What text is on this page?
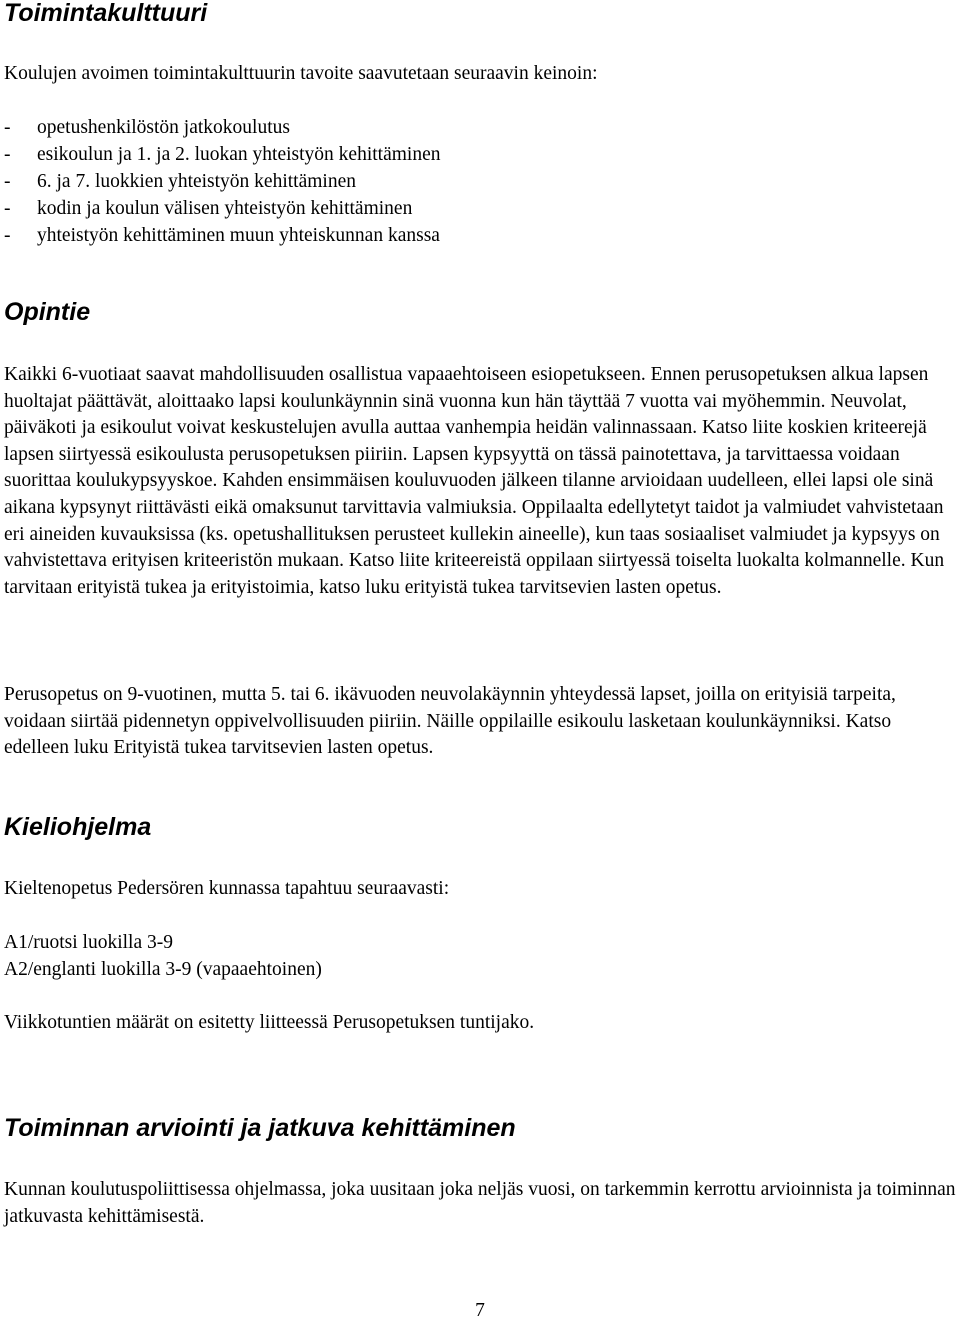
Toimintakulttuuri

Koulujen avoimen toimintakulttuurin tavoite saavutetaan seuraavin keinoin:

-	opetushenkilöstön jatkokoulutus
-	esikoulun ja 1. ja 2. luokan yhteistyön kehittäminen
-	6. ja 7. luokkien yhteistyön kehittäminen
-	kodin ja koulun välisen yhteistyön kehittäminen
-	yhteistyön kehittäminen muun yhteiskunnan kanssa
Opintie

Kaikki 6-vuotiaat saavat mahdollisuuden osallistua vapaaehtoiseen esiopetukseen. Ennen perusopetuksen alkua lapsen huoltajat päättävät, aloittaako lapsi koulunkäynnin sinä vuonna kun hän täyttää 7 vuotta vai myöhemmin. Neuvolat, päiväkoti ja esikoulut voivat keskustelujen avulla auttaa vanhempia heidän valinnassaan. Katso liite koskien kriteerejä lapsen siirtyessä esikoulusta perusopetuksen piiriin. Lapsen kypsyyttä on tässä painotettava, ja tarvittaessa voidaan suorittaa koulukypsyyskoe. Kahden ensimmäisen kouluvuoden jälkeen tilanne arvioidaan uudelleen, ellei lapsi ole sinä aikana kypsynyt riittävästi eikä omaksunut tarvittavia valmiuksia. Oppilaalta edellytetyt taidot ja valmiudet vahvistetaan eri aineiden kuvauksissa (ks. opetushallituksen perusteet kullekin aineelle), kun taas sosiaaliset valmiudet ja kypsyys on vahvistettava erityisen kriteeristön mukaan. Katso liite kriteereistä oppilaan siirtyessä toiselta luokalta kolmannelle. Kun tarvitaan erityistä tukea ja erityistoimia, katso luku erityistä tukea tarvitsevien lasten opetus.

Perusopetus on 9-vuotinen, mutta 5. tai 6. ikävuoden neuvolakäynnin yhteydessä lapset, joilla on erityisiä tarpeita, voidaan siirtää pidennetyn oppivelvollisuuden piiriin. Näille oppilaille esikoulu lasketaan koulunkäynniksi. Katso edelleen luku Erityistä tukea tarvitsevien lasten opetus.

Kieliohjelma

Kieltenopetus Pedersören kunnassa tapahtuu seuraavasti:

A1/ruotsi luokilla 3-9
A2/englanti luokilla 3-9 (vapaaehtoinen)

Viikkotuntien määrät on esitetty liitteessä Perusopetuksen tuntijako.

Toiminnan arviointi ja jatkuva kehittäminen

Kunnan koulutuspoliittisessa ohjelmassa, joka uusitaan joka neljäs vuosi, on tarkemmin kerrottu arvioinnista ja toiminnan jatkuvasta kehittämisestä.

7
